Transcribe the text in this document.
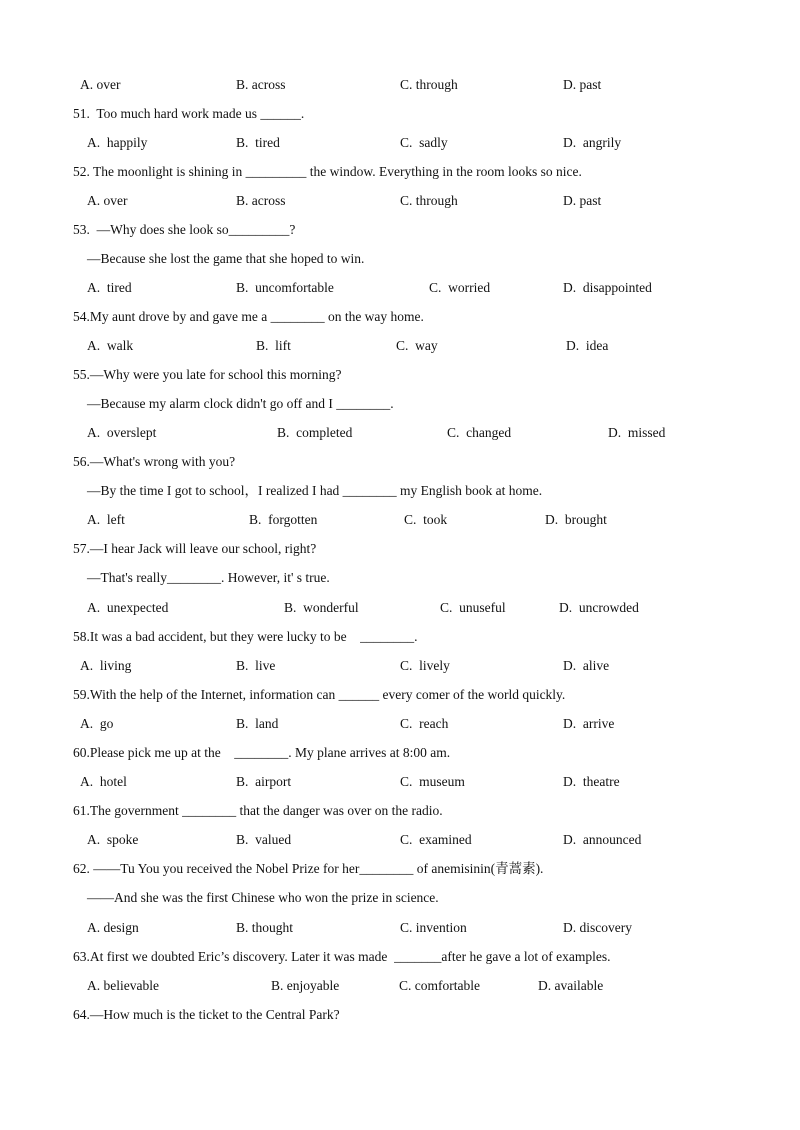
A. over	B. across	C. through	D. past
51.  Too much hard work made us ______.
A.  happily	B.  tired	C.  sadly	D.  angrily
52. The moonlight is shining in _________ the window. Everything in the room looks so nice.
A. over	B. across	C. through	D. past
53.  —Why does she look so_________?
—Because she lost the game that she hoped to win.
A.  tired	B.  uncomfortable	C.  worried	D.  disappointed
54.My aunt drove by and gave me a ________ on the way home.
A.  walk	B.  lift	C.  way	D.  idea
55.—Why were you late for school this morning?
—Because my alarm clock didn't go off and I ________.
A.  overslept	B.  completed	C.  changed	D.  missed
56.—What's wrong with you?
—By the time I got to school，I realized I had ________ my English book at home.
A.  left	B.  forgotten	C.  took	D.  brought
57.—I hear Jack will leave our school, right?
—That's really________. However, it' s true.
A.  unexpected	B.  wonderful	C.  unuseful	D.  uncrowded
58.It was a bad accident, but they were lucky to be    ________.
A.  living	B.  live	C.  lively	D.  alive
59.With the help of the Internet, information can ______ every comer of the world quickly.
A.  go	B.  land	C.  reach	D.  arrive
60.Please pick me up at the    ________. My plane arrives at 8:00 am.
A.  hotel	B.  airport	C.  museum	D.  theatre
61.The government ________ that the danger was over on the radio.
A.  spoke	B.  valued	C.  examined	D.  announced
62. ——Tu You you received the Nobel Prize for her________ of anemisinin(青蒿素).
——And she was the first Chinese who won the prize in science.
A. design	B. thought	C. invention	D. discovery
63.At first we doubted Eric’s discovery. Later it was made  _______after he gave a lot of examples.
A. believable	B. enjoyable	C. comfortable	D. available
64.—How much is the ticket to the Central Park?
